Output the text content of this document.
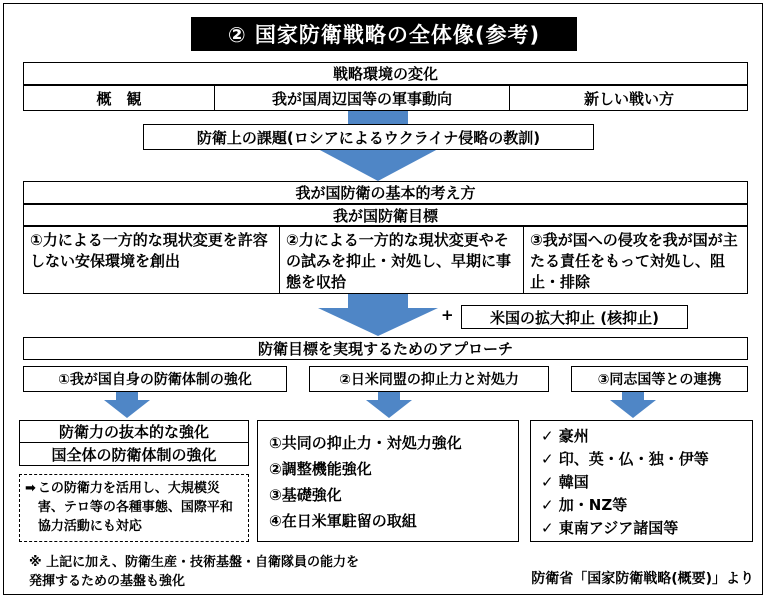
② 国家防衛戦略の全体像(参考)
戦略環境の変化
概　観	我が国周辺国等の軍事動向	新しい戦い方
防衛上の課題(ロシアによるウクライナ侵略の教訓)
我が国防衛の基本的考え方
我が国防衛目標
①力による一方的な現状変更を許容しない安保環境を創出
②力による一方的な現状変更やその試みを抑止・対処し、早期に事態を収拾
③我が国への侵攻を我が国が主たる責任をもって対処し、阻止・排除
+	米国の拡大抑止 (核抑止)
防衛目標を実現するためのアプローチ
①我が国自身の防衛体制の強化	②日米同盟の抑止力と対処力	③同志国等との連携
防衛力の抜本的な強化
国全体の防衛体制の強化
➡ この防衛力を活用し、大規模災害、テロ等の各種事態、国際平和協力活動にも対応
①共同の抑止力・対処力強化
②調整機能強化
③基礎強化
④在日米軍駐留の取組
✓ 豪州
✓ 印、英・仏・独・伊等
✓ 韓国
✓ 加・NZ等
✓ 東南アジア諸国等
※ 上記に加え、防衛生産・技術基盤・自衛隊員の能力を発揮するための基盤も強化	防衛省「国家防衛戦略(概要)」より
